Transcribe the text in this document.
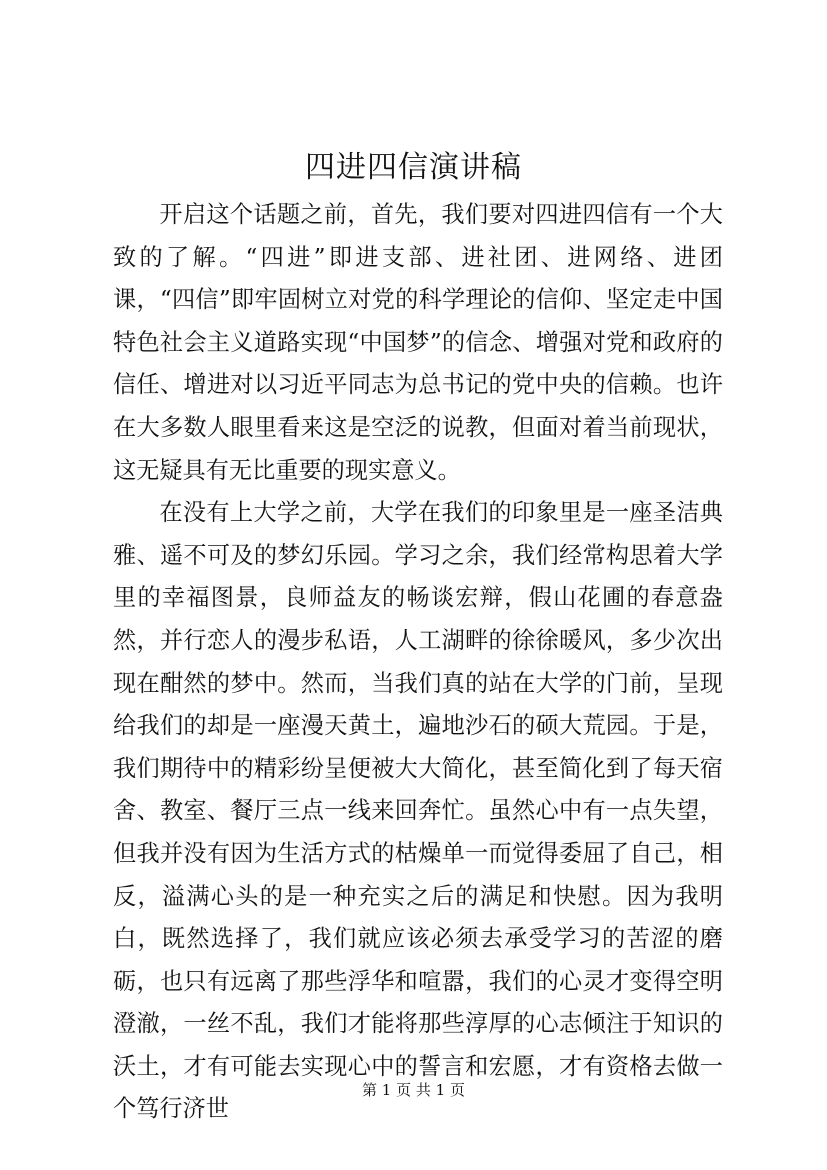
四进四信演讲稿

开启这个话题之前，首先，我们要对四进四信有一个大致的了解。“四进”即进支部、进社团、进网络、进团课，“四信”即牢固树立对党的科学理论的信仰、坚定走中国特色社会主义道路实现“中国梦”的信念、增强对党和政府的信任、增进对以习近平同志为总书记的党中央的信赖。也许在大多数人眼里看来这是空泛的说教，但面对着当前现状，这无疑具有无比重要的现实意义。

在没有上大学之前，大学在我们的印象里是一座圣洁典雅、遥不可及的梦幻乐园。学习之余，我们经常构思着大学里的幸福图景，良师益友的畅谈宏辩，假山花圃的春意盎然，并行恋人的漫步私语，人工湖畔的徐徐暖风，多少次出现在酣然的梦中。然而，当我们真的站在大学的门前，呈现给我们的却是一座漫天黄土，遍地沙石的硕大荒园。于是，我们期待中的精彩纷呈便被大大简化，甚至简化到了每天宿舍、教室、餐厅三点一线来回奔忙。虽然心中有一点失望，但我并没有因为生活方式的枯燥单一而觉得委屈了自己，相反，溢满心头的是一种充实之后的满足和快慰。因为我明白，既然选择了，我们就应该必须去承受学习的苦涩的磨砺，也只有远离了那些浮华和喧嚣，我们的心灵才变得空明澄澈，一丝不乱，我们才能将那些淳厚的心志倾注于知识的沃土，才有可能去实现心中的誓言和宏愿，才有资格去做一个笃行济世

第 1 页 共 1 页
